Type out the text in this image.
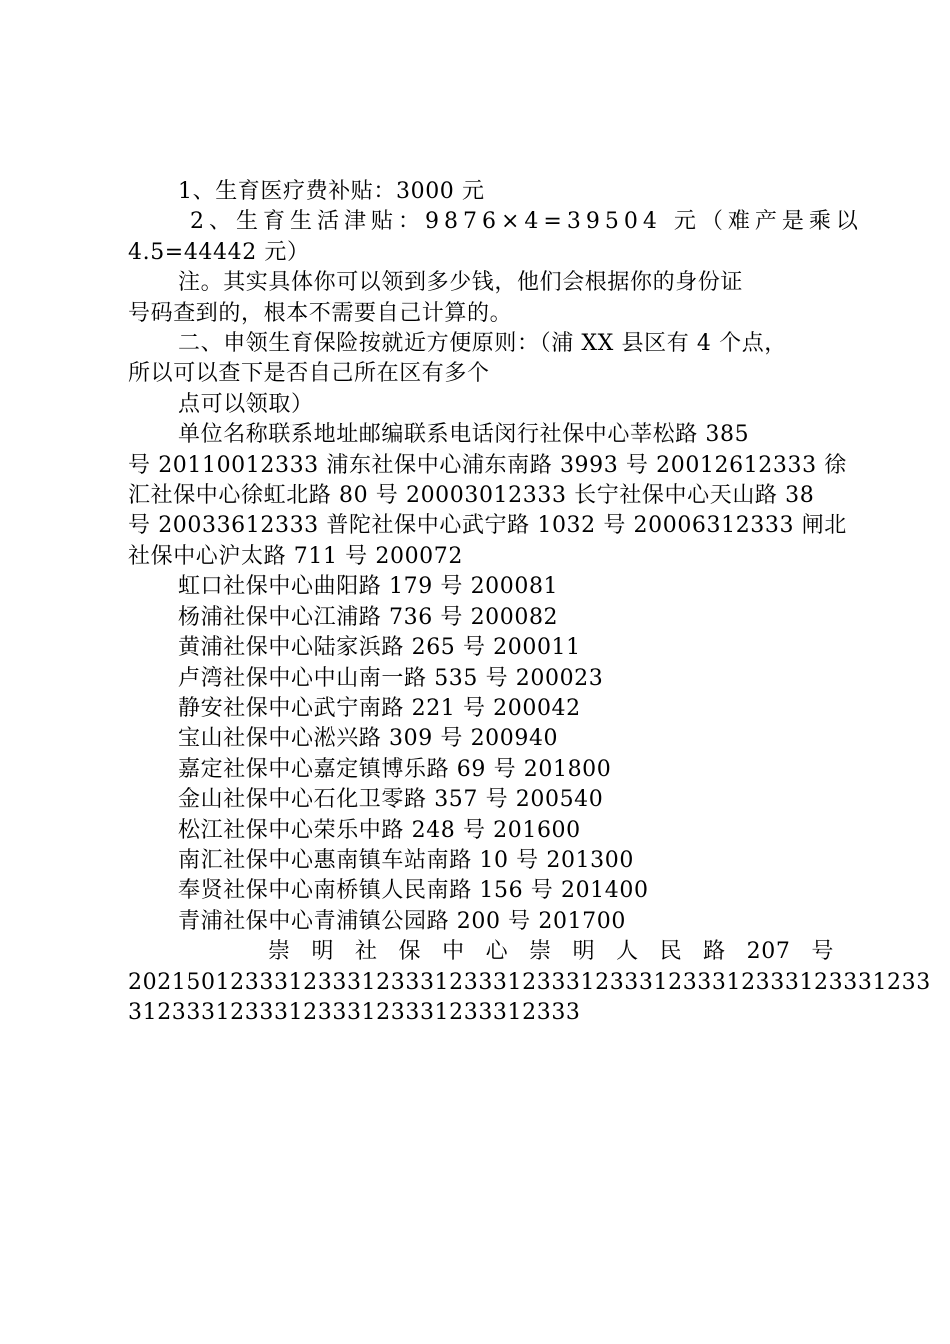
1、生育医疗费补贴：3000 元

2、生育生活津贴：9876×4=39504 元（难产是乘以

4.5=44442 元）

注。其实具体你可以领到多少钱，他们会根据你的身份证

号码查到的，根本不需要自己计算的。

二、申领生育保险按就近方便原则：（浦 XX 县区有 4 个点，

所以可以查下是否自己所在区有多个

点可以领取）

单位名称联系地址邮编联系电话闵行社保中心莘松路 385

号 20110012333 浦东社保中心浦东南路 3993 号 20012612333 徐

汇社保中心徐虹北路 80 号 20003012333 长宁社保中心天山路 38

号 20033612333 普陀社保中心武宁路 1032 号 20006312333 闸北

社保中心沪太路 711 号 200072

虹口社保中心曲阳路 179 号 200081

杨浦社保中心江浦路 736 号 200082

黄浦社保中心陆家浜路 265 号 200011

卢湾社保中心中山南一路 535 号 200023

静安社保中心武宁南路 221 号 200042

宝山社保中心淞兴路 309 号 200940

嘉定社保中心嘉定镇博乐路 69 号 201800

金山社保中心石化卫零路 357 号 200540

松江社保中心荣乐中路 248 号 201600

南汇社保中心惠南镇车站南路 10 号 201300

奉贤社保中心南桥镇人民南路 156 号 201400

青浦社保中心青浦镇公园路 200 号 201700

崇 明 社 保 中 心 崇 明 人 民 路 207 号

2021501233312333123331233312333123331233312333123331233

3123331233312333123331233312333
